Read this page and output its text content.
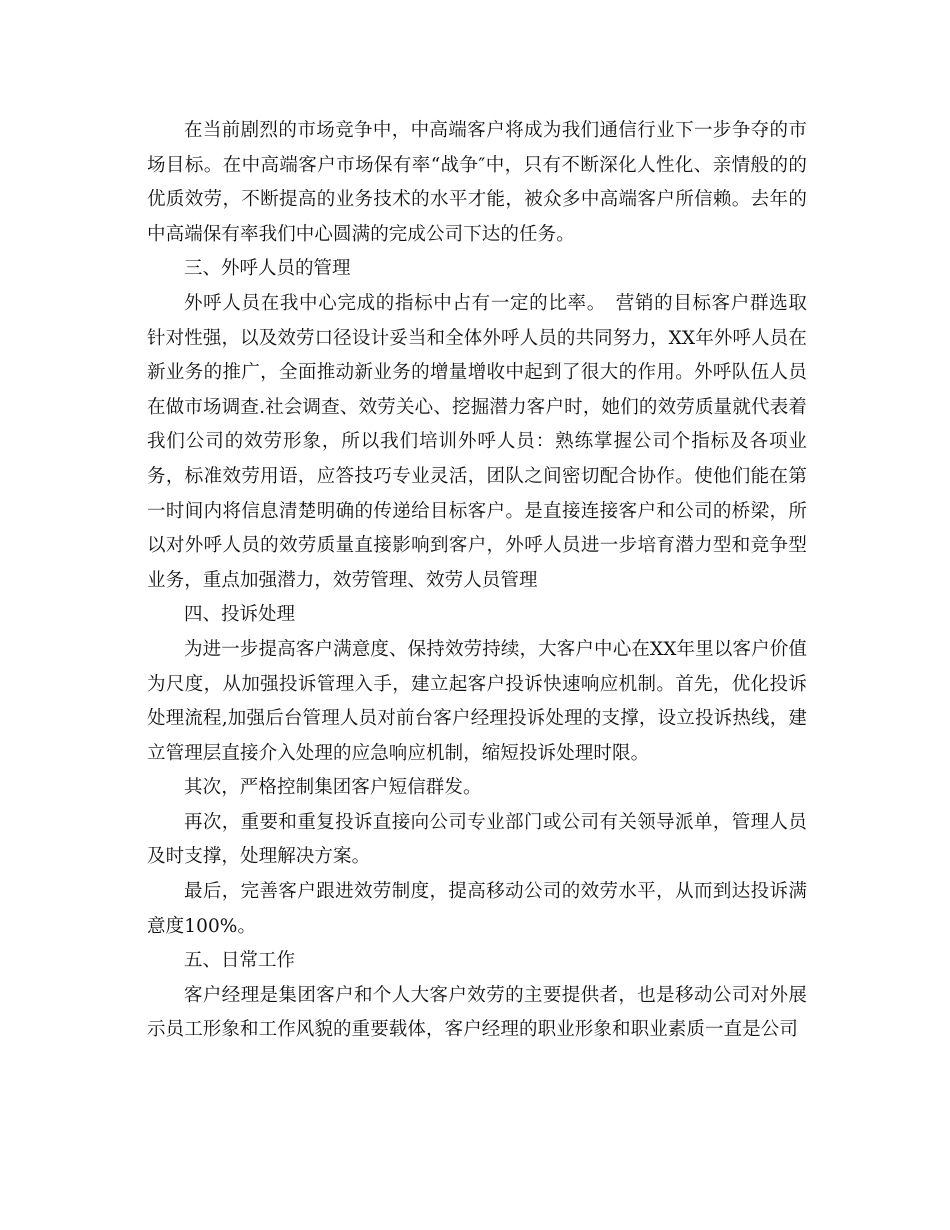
在当前剧烈的市场竞争中，中高端客户将成为我们通信行业下一步争夺的市场目标。在中高端客户市场保有率“战争″中，只有不断深化人性化、亲情般的的优质效劳，不断提高的业务技术的水平才能，被众多中高端客户所信赖。去年的中高端保有率我们中心圆满的完成公司下达的任务。

三、外呼人员的管理

外呼人员在我中心完成的指标中占有一定的比率。　营销的目标客户群选取针对性强，以及效劳口径设计妥当和全体外呼人员的共同努力，XX年外呼人员在新业务的推广，全面推动新业务的增量增收中起到了很大的作用。外呼队伍人员在做市场调查.社会调查、效劳关心、挖掘潜力客户时，她们的效劳质量就代表着我们公司的效劳形象，所以我们培训外呼人员：熟练掌握公司个指标及各项业务，标准效劳用语，应答技巧专业灵活，团队之间密切配合协作。使他们能在第一时间内将信息清楚明确的传递给目标客户。是直接连接客户和公司的桥梁，所以对外呼人员的效劳质量直接影响到客户，外呼人员进一步培育潜力型和竞争型业务，重点加强潜力，效劳管理、效劳人员管理

四、投诉处理

为进一步提高客户满意度、保持效劳持续，大客户中心在XX年里以客户价值为尺度，从加强投诉管理入手，建立起客户投诉快速响应机制。首先，优化投诉处理流程,加强后台管理人员对前台客户经理投诉处理的支撑，设立投诉热线，建立管理层直接介入处理的应急响应机制，缩短投诉处理时限。

其次，严格控制集团客户短信群发。

再次，重要和重复投诉直接向公司专业部门或公司有关领导派单，管理人员及时支撑，处理解决方案。

最后，完善客户跟进效劳制度，提高移动公司的效劳水平，从而到达投诉满意度100%。

五、日常工作

客户经理是集团客户和个人大客户效劳的主要提供者，也是移动公司对外展示员工形象和工作风貌的重要载体，客户经理的职业形象和职业素质一直是公司
